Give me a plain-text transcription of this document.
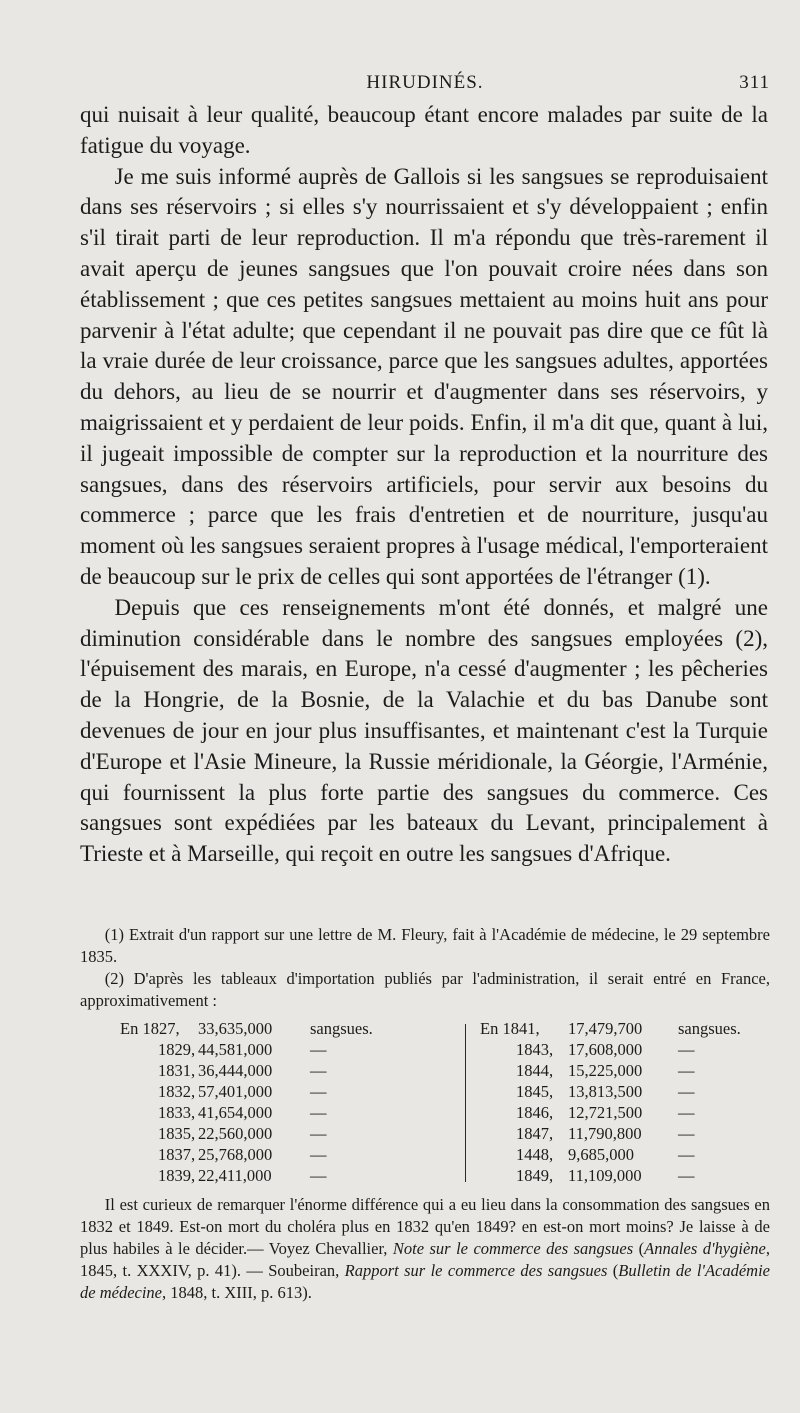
HIRUDINÉS.	311

qui nuisait à leur qualité, beaucoup étant encore malades par suite de la fatigue du voyage.

Je me suis informé auprès de Gallois si les sangsues se reproduisaient dans ses réservoirs ; si elles s'y nourrissaient et s'y développaient ; enfin s'il tirait parti de leur reproduction. Il m'a répondu que très-rarement il avait aperçu de jeunes sangsues que l'on pouvait croire nées dans son établissement ; que ces petites sangsues mettaient au moins huit ans pour parvenir à l'état adulte; que cependant il ne pouvait pas dire que ce fût là la vraie durée de leur croissance, parce que les sangsues adultes, apportées du dehors, au lieu de se nourrir et d'augmenter dans ses réservoirs, y maigrissaient et y perdaient de leur poids. Enfin, il m'a dit que, quant à lui, il jugeait impossible de compter sur la reproduction et la nourriture des sangsues, dans des réservoirs artificiels, pour servir aux besoins du commerce ; parce que les frais d'entretien et de nourriture, jusqu'au moment où les sangsues seraient propres à l'usage médical, l'emporteraient de beaucoup sur le prix de celles qui sont apportées de l'étranger (1).

Depuis que ces renseignements m'ont été donnés, et malgré une diminution considérable dans le nombre des sangsues employées (2), l'épuisement des marais, en Europe, n'a cessé d'augmenter ; les pêcheries de la Hongrie, de la Bosnie, de la Valachie et du bas Danube sont devenues de jour en jour plus insuffisantes, et maintenant c'est la Turquie d'Europe et l'Asie Mineure, la Russie méridionale, la Géorgie, l'Arménie, qui fournissent la plus forte partie des sangsues du commerce. Ces sangsues sont expédiées par les bateaux du Levant, principalement à Trieste et à Marseille, qui reçoit en outre les sangsues d'Afrique.

(1) Extrait d'un rapport sur une lettre de M. Fleury, fait à l'Académie de médecine, le 29 septembre 1835.

(2) D'après les tableaux d'importation publiés par l'administration, il serait entré en France, approximativement :

En 1827, 33,635,000 sangsues.
1829, 44,581,000 —
1831, 36,444,000 —
1832, 57,401,000 —
1833, 41,654,000 —
1835, 22,560,000 —
1837, 25,768,000 —
1839, 22,411,000 —
En 1841, 17,479,700 sangsues.
1843, 17,608,000 —
1844, 15,225,000 —
1845, 13,813,500 —
1846, 12,721,500 —
1847, 11,790,800 —
1448, 9,685,000	—
1849, 11,109,000 —

Il est curieux de remarquer l'énorme différence qui a eu lieu dans la consommation des sangsues en 1832 et 1849. Est-on mort du choléra plus en 1832 qu'en 1849? en est-on mort moins? Je laisse à de plus habiles à le décider.— Voyez Chevallier, Note sur le commerce des sangsues (Annales d'hygiène, 1845, t. XXXIV, p. 41). — Soubeiran, Rapport sur le commerce des sangsues (Bulletin de l'Académie de médecine, 1848, t. XIII, p. 613).
